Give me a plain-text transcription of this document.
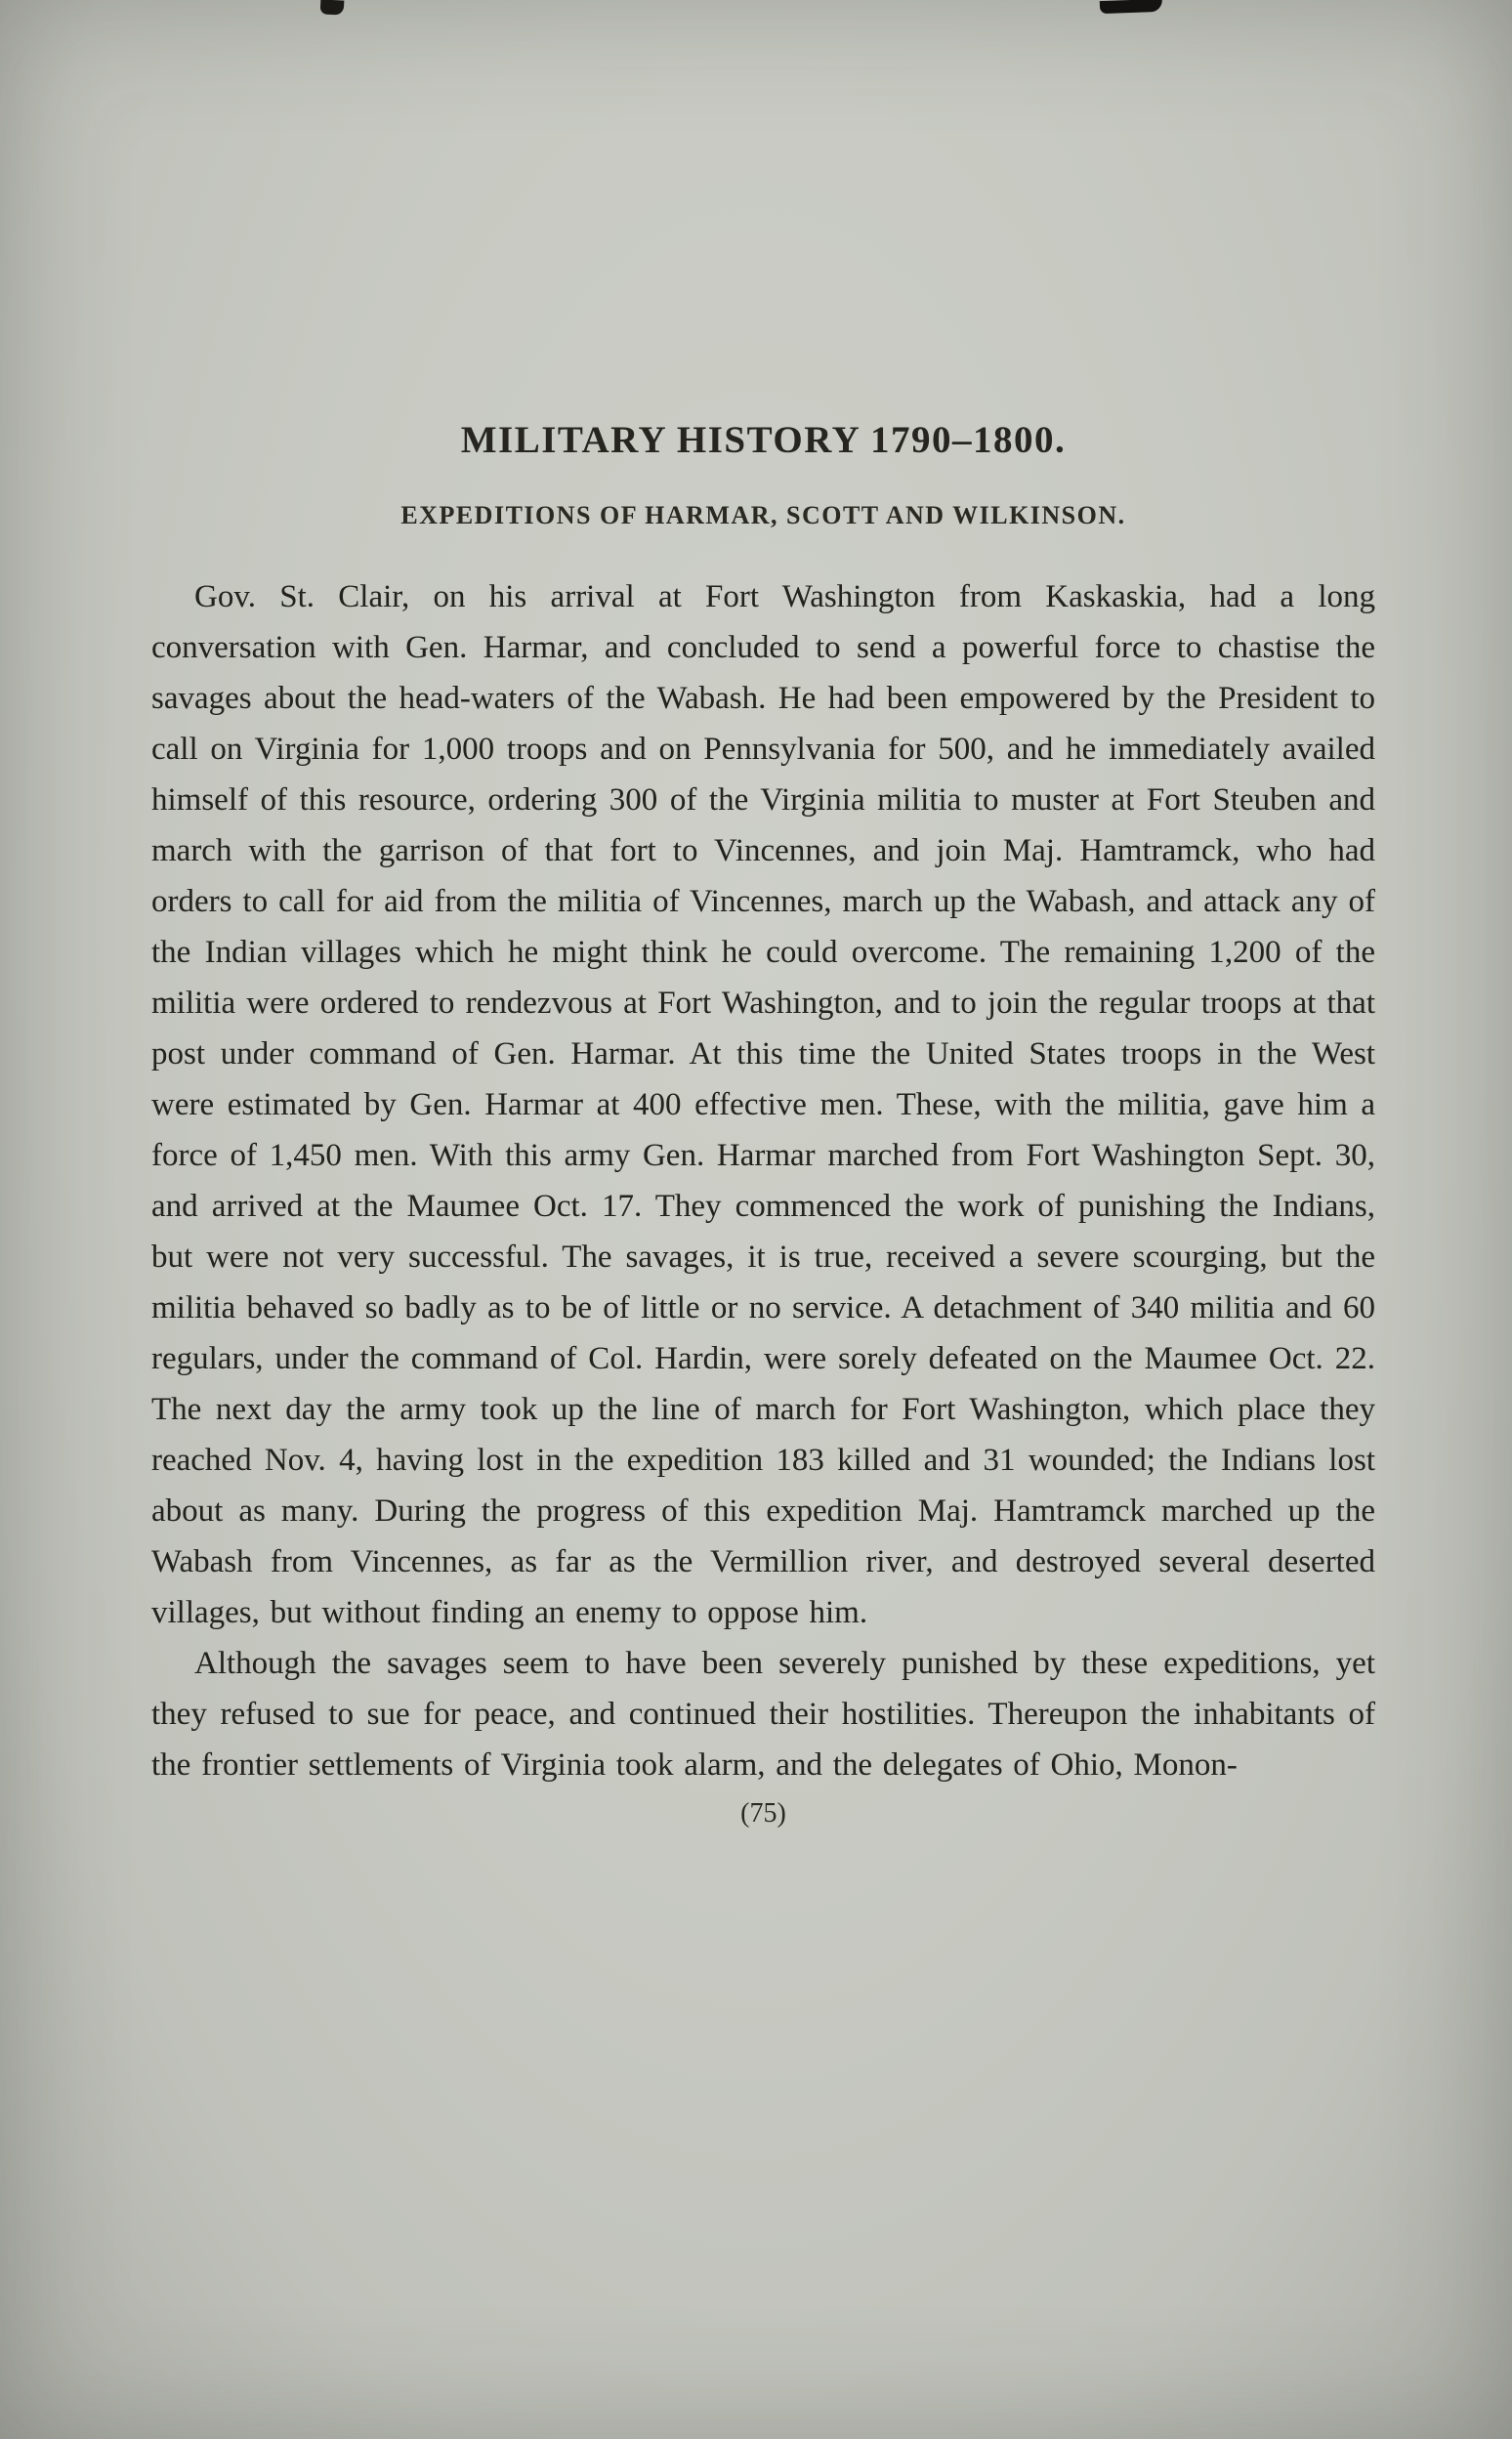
MILITARY HISTORY 1790–1800.
EXPEDITIONS OF HARMAR, SCOTT AND WILKINSON.

Gov. St. Clair, on his arrival at Fort Washington from Kaskaskia, had a long conversation with Gen. Harmar, and concluded to send a powerful force to chastise the savages about the head-waters of the Wabash. He had been empowered by the President to call on Virginia for 1,000 troops and on Pennsylvania for 500, and he immediately availed himself of this resource, ordering 300 of the Virginia militia to muster at Fort Steuben and march with the garrison of that fort to Vincennes, and join Maj. Hamtramck, who had orders to call for aid from the militia of Vincennes, march up the Wabash, and attack any of the Indian villages which he might think he could overcome. The remaining 1,200 of the militia were ordered to rendezvous at Fort Washington, and to join the regular troops at that post under command of Gen. Harmar. At this time the United States troops in the West were estimated by Gen. Harmar at 400 effective men. These, with the militia, gave him a force of 1,450 men. With this army Gen. Harmar marched from Fort Washington Sept. 30, and arrived at the Maumee Oct. 17. They commenced the work of punishing the Indians, but were not very successful. The savages, it is true, received a severe scourging, but the militia behaved so badly as to be of little or no service. A detachment of 340 militia and 60 regulars, under the command of Col. Hardin, were sorely defeated on the Maumee Oct. 22. The next day the army took up the line of march for Fort Washington, which place they reached Nov. 4, having lost in the expedition 183 killed and 31 wounded; the Indians lost about as many. During the progress of this expedition Maj. Hamtramck marched up the Wabash from Vincennes, as far as the Vermillion river, and destroyed several deserted villages, but without finding an enemy to oppose him.

Although the savages seem to have been severely punished by these expeditions, yet they refused to sue for peace, and continued their hostilities. Thereupon the inhabitants of the frontier settlements of Virginia took alarm, and the delegates of Ohio, Monon-

(75)
